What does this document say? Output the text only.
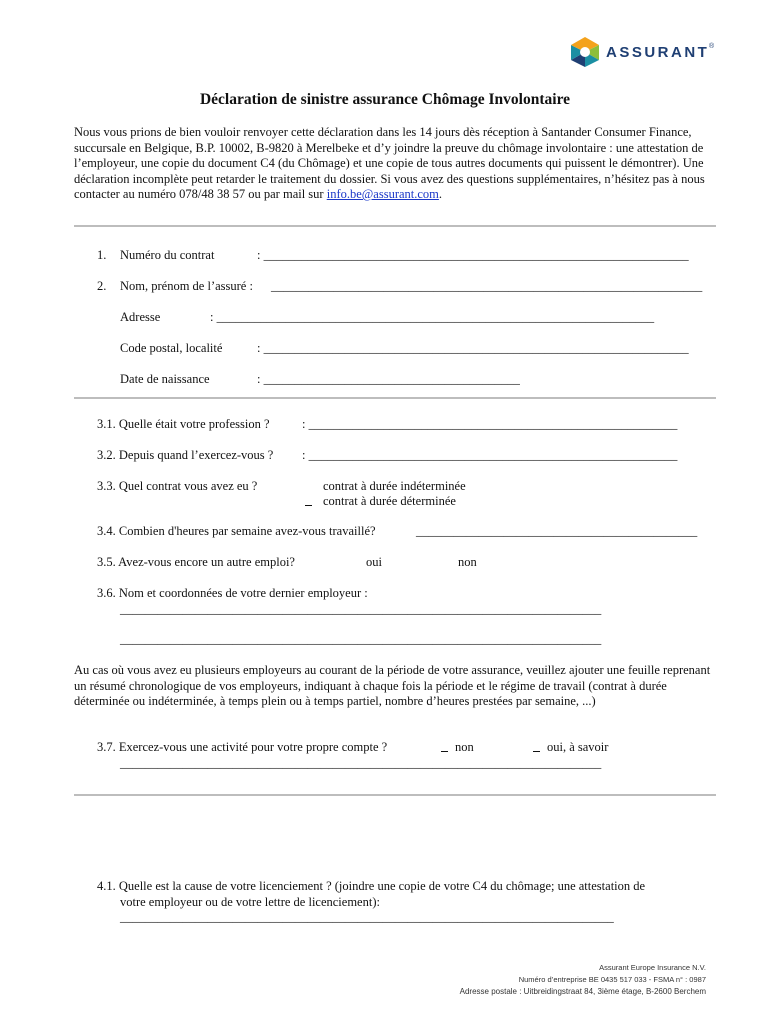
ASSURANT ®
Déclaration de sinistre assurance Chômage Involontaire
Nous vous prions de bien vouloir renvoyer cette déclaration dans les 14 jours dès réception à Santander Consumer Finance, succursale en Belgique, B.P. 10002, B-9820 à Merelbeke et d’y joindre la preuve du chômage involontaire : une attestation de l’employeur, une copie du document C4 (du Chômage) et une copie de tous autres documents qui puissent le démontrer). Une déclaration incomplète peut retarder le traitement du dossier. Si vous avez des questions supplémentaires, n’hésitez pas à nous contacter au numéro 078/48 38 57 ou par mail sur info.be@assurant.com.
1. Numéro du contrat	: ____________________________________________________________________
2. Nom, prénom de l’assuré : _____________________________________________________________________
Adresse	: ______________________________________________________________________
Code postal, localité	: ____________________________________________________________________
Date de naissance	: _________________________________________
3.1. Quelle était votre profession ?	: ___________________________________________________________
3.2. Depuis quand l’exercez-vous ? : ___________________________________________________________
3.3. Quel contrat vous avez eu ?	contrat à durée indéterminée
contrat à durée déterminée
3.4. Combien d'heures par semaine avez-vous travaillé?	_____________________________________________
3.5. Avez-vous encore un autre emploi?	oui	non
3.6. Nom et coordonnées de votre dernier employeur :
_____________________________________________________________________________
_____________________________________________________________________________
Au cas où vous avez eu plusieurs employeurs au courant de la période de votre assurance, veuillez ajouter une feuille reprenant un résumé chronologique de vos employeurs, indiquant à chaque fois la période et le régime de travail (contrat à durée déterminée ou indéterminée, à temps plein ou à temps partiel, nombre d’heures prestées par semaine, ...)
3.7. Exercez-vous une activité pour votre propre compte ?	non	oui, à savoir
_____________________________________________________________________________
4.1. Quelle est la cause de votre licenciement ? (joindre une copie de votre C4 du chômage; une attestation de
votre employeur ou de votre lettre de licenciement):
_______________________________________________________________________________
Assurant Europe Insurance N.V.
Numéro d’entreprise BE 0435 517 033 - FSMA n° : 0987
Adresse postale : Uitbreidingstraat 84, 3ième étage, B-2600 Berchem
